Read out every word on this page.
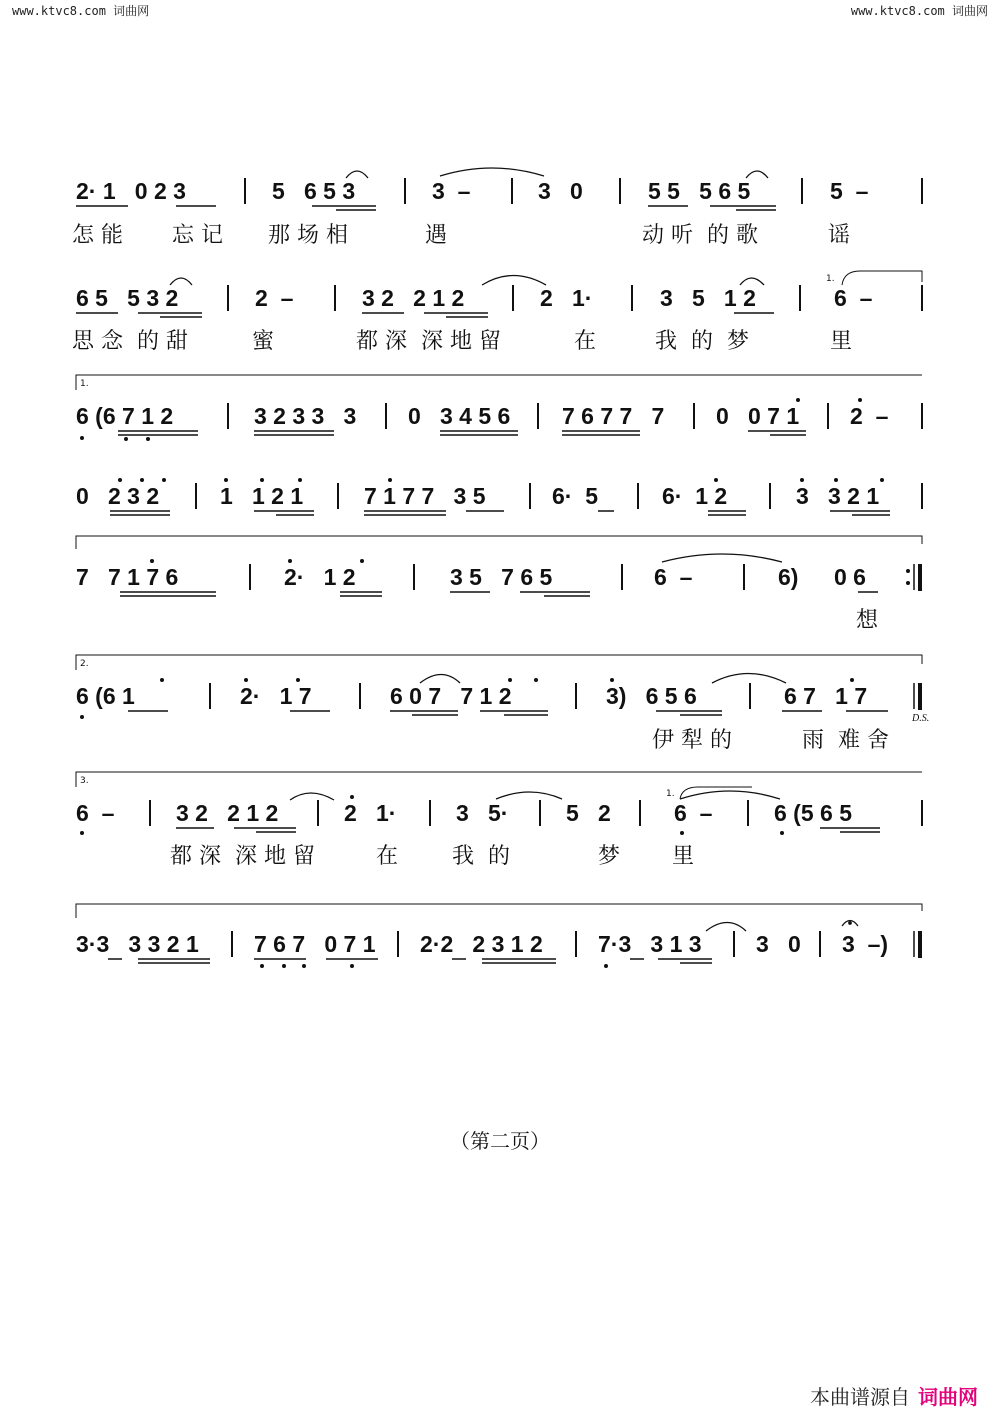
www.ktvc8.com 词曲网	www.ktvc8.com 词曲网
2· 1   0 2 3	5   6 5 3	3  –	3   0	5 5   5 6 5	5  –
怎 能 忘 记 那 场 相	遇	动 听  的 歌	谣
6 5   5 3 2	2  –	3 2   2 1 2	2   1·	3   5   1 2	6  –
1.
思 念  的 甜	蜜	都 深  深 地 留	在	我  的  梦	里
1.
6 (6 7 1 2	3 2 3 3   3 0   3 4 5 6 7 6 7 7   7 0   0 7 1 2  –
0   2 3 2	1   1 2 1	7 1 7 7   3 5	6·  5	6·  1 2	3   3 2 1
7   7 1 7 6	2·   1 2	3 5   7 6 5	6  –	6) 0 6
想
2.
6 (6 1	2·   1 7	6 0 7   7 1 2	3)   6 5 6	6 7   1 7
D.S.
伊 犁 的	雨  难 舍
3.
6  –	3 2   2 1 2	2   1·	3   5·	5   2	6  –	6 (5 6 5
1.
都 深  深 地 留	在 我  的	梦 里
3·3   3 3 2 1 7 6 7   0 7 1 2·2   2 3 1 2 7·3   3 1 3 3   0 3  –)
（第二页）
本曲谱源自 词曲网
